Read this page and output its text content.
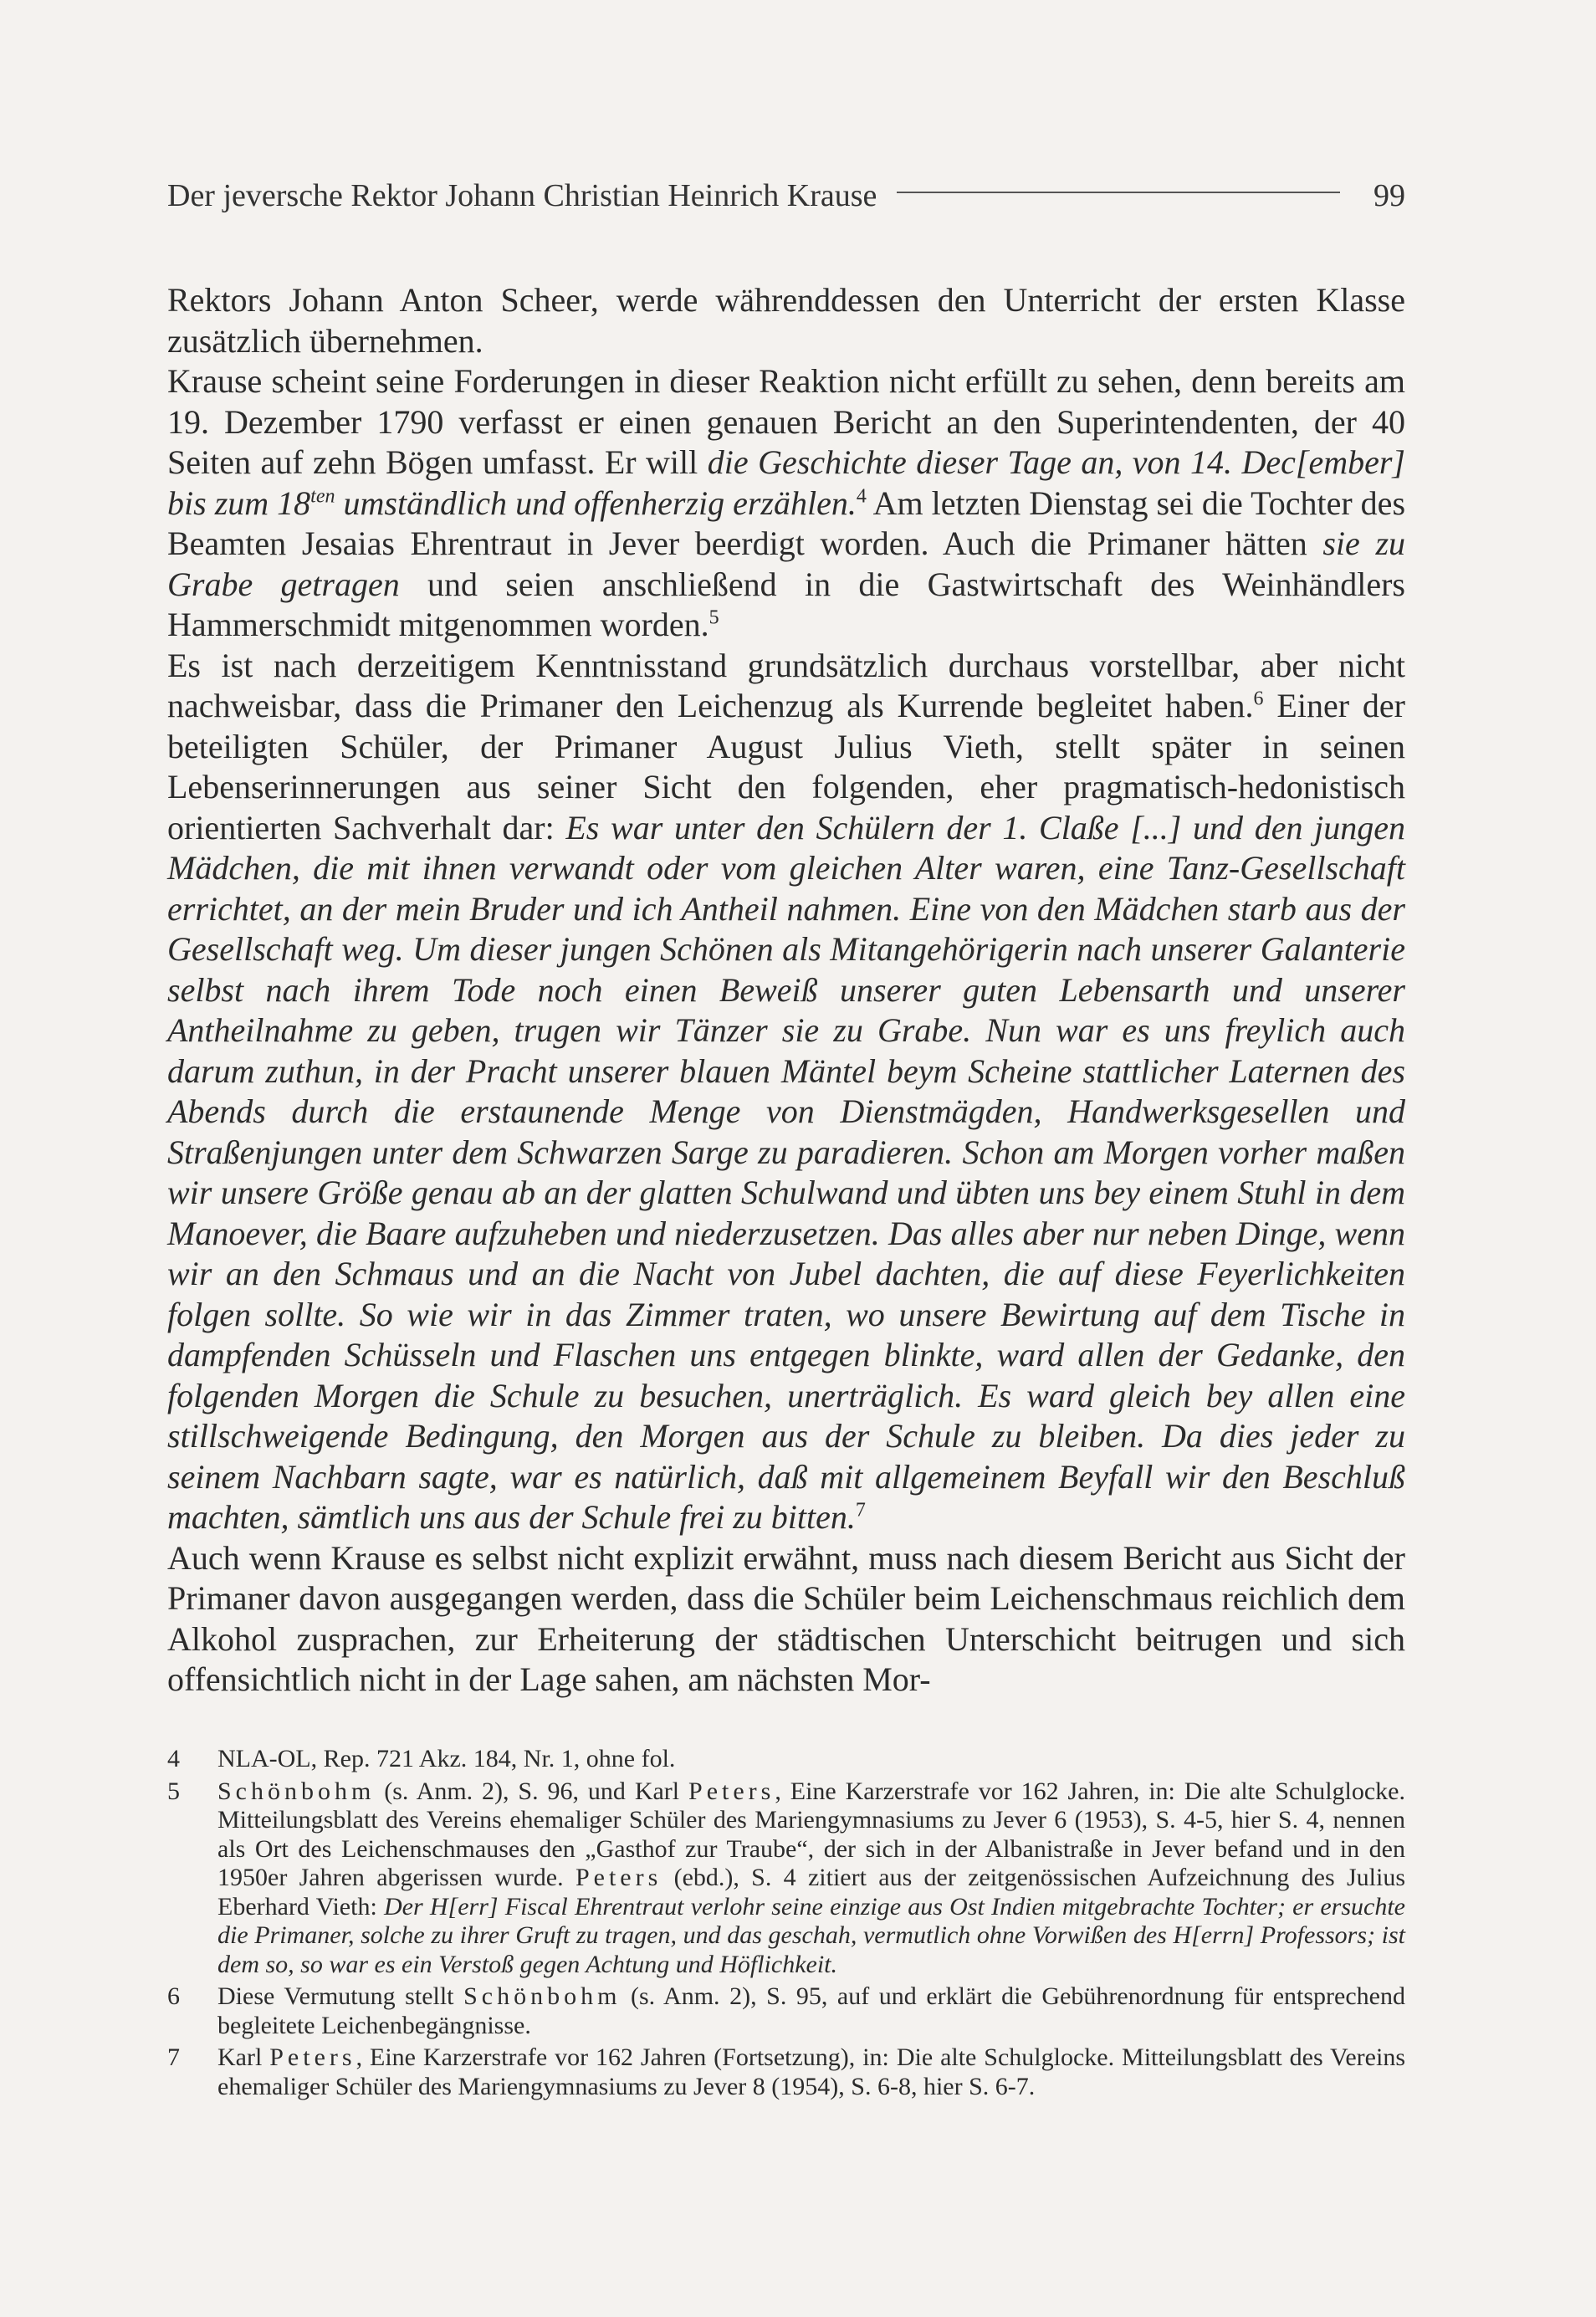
Der jeversche Rektor Johann Christian Heinrich Krause	99

Rektors Johann Anton Scheer, werde währenddessen den Unterricht der ersten Klasse zusätzlich übernehmen.

Krause scheint seine Forderungen in dieser Reaktion nicht erfüllt zu sehen, denn bereits am 19. Dezember 1790 verfasst er einen genauen Bericht an den Superintendenten, der 40 Seiten auf zehn Bögen umfasst. Er will die Geschichte dieser Tage an, von 14. Dec[ember] bis zum $18^{ten}$ umständlich und offenherzig erzählen.$^4$ Am letzten Dienstag sei die Tochter des Beamten Jesaias Ehrentraut in Jever beerdigt worden. Auch die Primaner hätten sie zu Grabe getragen und seien anschließend in die Gastwirtschaft des Weinhändlers Hammerschmidt mitgenommen worden.$^5$

Es ist nach derzeitigem Kenntnisstand grundsätzlich durchaus vorstellbar, aber nicht nachweisbar, dass die Primaner den Leichenzug als Kurrende begleitet haben.$^6$ Einer der beteiligten Schüler, der Primaner August Julius Vieth, stellt später in seinen Lebenserinnerungen aus seiner Sicht den folgenden, eher pragmatisch-hedonistisch orientierten Sachverhalt dar: Es war unter den Schülern der 1. Claße [...] und den jungen Mädchen, die mit ihnen verwandt oder vom gleichen Alter waren, eine Tanz-Gesellschaft errichtet, an der mein Bruder und ich Antheil nahmen. Eine von den Mädchen starb aus der Gesellschaft weg. Um dieser jungen Schönen als Mitangehörigerin nach unserer Galanterie selbst nach ihrem Tode noch einen Beweiß unserer guten Lebensarth und unserer Antheilnahme zu geben, trugen wir Tänzer sie zu Grabe. Nun war es uns freylich auch darum zuthun, in der Pracht unserer blauen Mäntel beym Scheine stattlicher Laternen des Abends durch die erstaunende Menge von Dienstmägden, Handwerksgesellen und Straßenjungen unter dem Schwarzen Sarge zu paradieren. Schon am Morgen vorher maßen wir unsere Größe genau ab an der glatten Schulwand und übten uns bey einem Stuhl in dem Manoever, die Baare aufzuheben und niederzusetzen. Das alles aber nur neben Dinge, wenn wir an den Schmaus und an die Nacht von Jubel dachten, die auf diese Feyerlichkeiten folgen sollte. So wie wir in das Zimmer traten, wo unsere Bewirtung auf dem Tische in dampfenden Schüsseln und Flaschen uns entgegen blinkte, ward allen der Gedanke, den folgenden Morgen die Schule zu besuchen, unerträglich. Es ward gleich bey allen eine stillschweigende Bedingung, den Morgen aus der Schule zu bleiben. Da dies jeder zu seinem Nachbarn sagte, war es natürlich, daß mit allgemeinem Beyfall wir den Beschluß machten, sämtlich uns aus der Schule frei zu bitten.$^7$

Auch wenn Krause es selbst nicht explizit erwähnt, muss nach diesem Bericht aus Sicht der Primaner davon ausgegangen werden, dass die Schüler beim Leichenschmaus reichlich dem Alkohol zusprachen, zur Erheiterung der städtischen Unterschicht beitrugen und sich offensichtlich nicht in der Lage sahen, am nächsten Mor-

4	NLA-OL, Rep. 721 Akz. 184, Nr. 1, ohne fol.
5	Schönbohm (s. Anm. 2), S. 96, und Karl Peters, Eine Karzerstrafe vor 162 Jahren, in: Die alte Schulglocke. Mitteilungsblatt des Vereins ehemaliger Schüler des Mariengymnasiums zu Jever 6 (1953), S. 4-5, hier S. 4, nennen als Ort des Leichenschmauses den „Gasthof zur Traube“, der sich in der Albanistraße in Jever befand und in den 1950er Jahren abgerissen wurde. Peters (ebd.), S. 4 zitiert aus der zeitgenössischen Aufzeichnung des Julius Eberhard Vieth: Der H[err] Fiscal Ehrentraut verlohr seine einzige aus Ost Indien mitgebrachte Tochter; er ersuchte die Primaner, solche zu ihrer Gruft zu tragen, und das geschah, vermutlich ohne Vorwißen des H[errn] Professors; ist dem so, so war es ein Verstoß gegen Achtung und Höflichkeit.
6	Diese Vermutung stellt Schönbohm (s. Anm. 2), S. 95, auf und erklärt die Gebührenordnung für entsprechend begleitete Leichenbegängnisse.
7	Karl Peters, Eine Karzerstrafe vor 162 Jahren (Fortsetzung), in: Die alte Schulglocke. Mitteilungsblatt des Vereins ehemaliger Schüler des Mariengymnasiums zu Jever 8 (1954), S. 6-8, hier S. 6-7.
